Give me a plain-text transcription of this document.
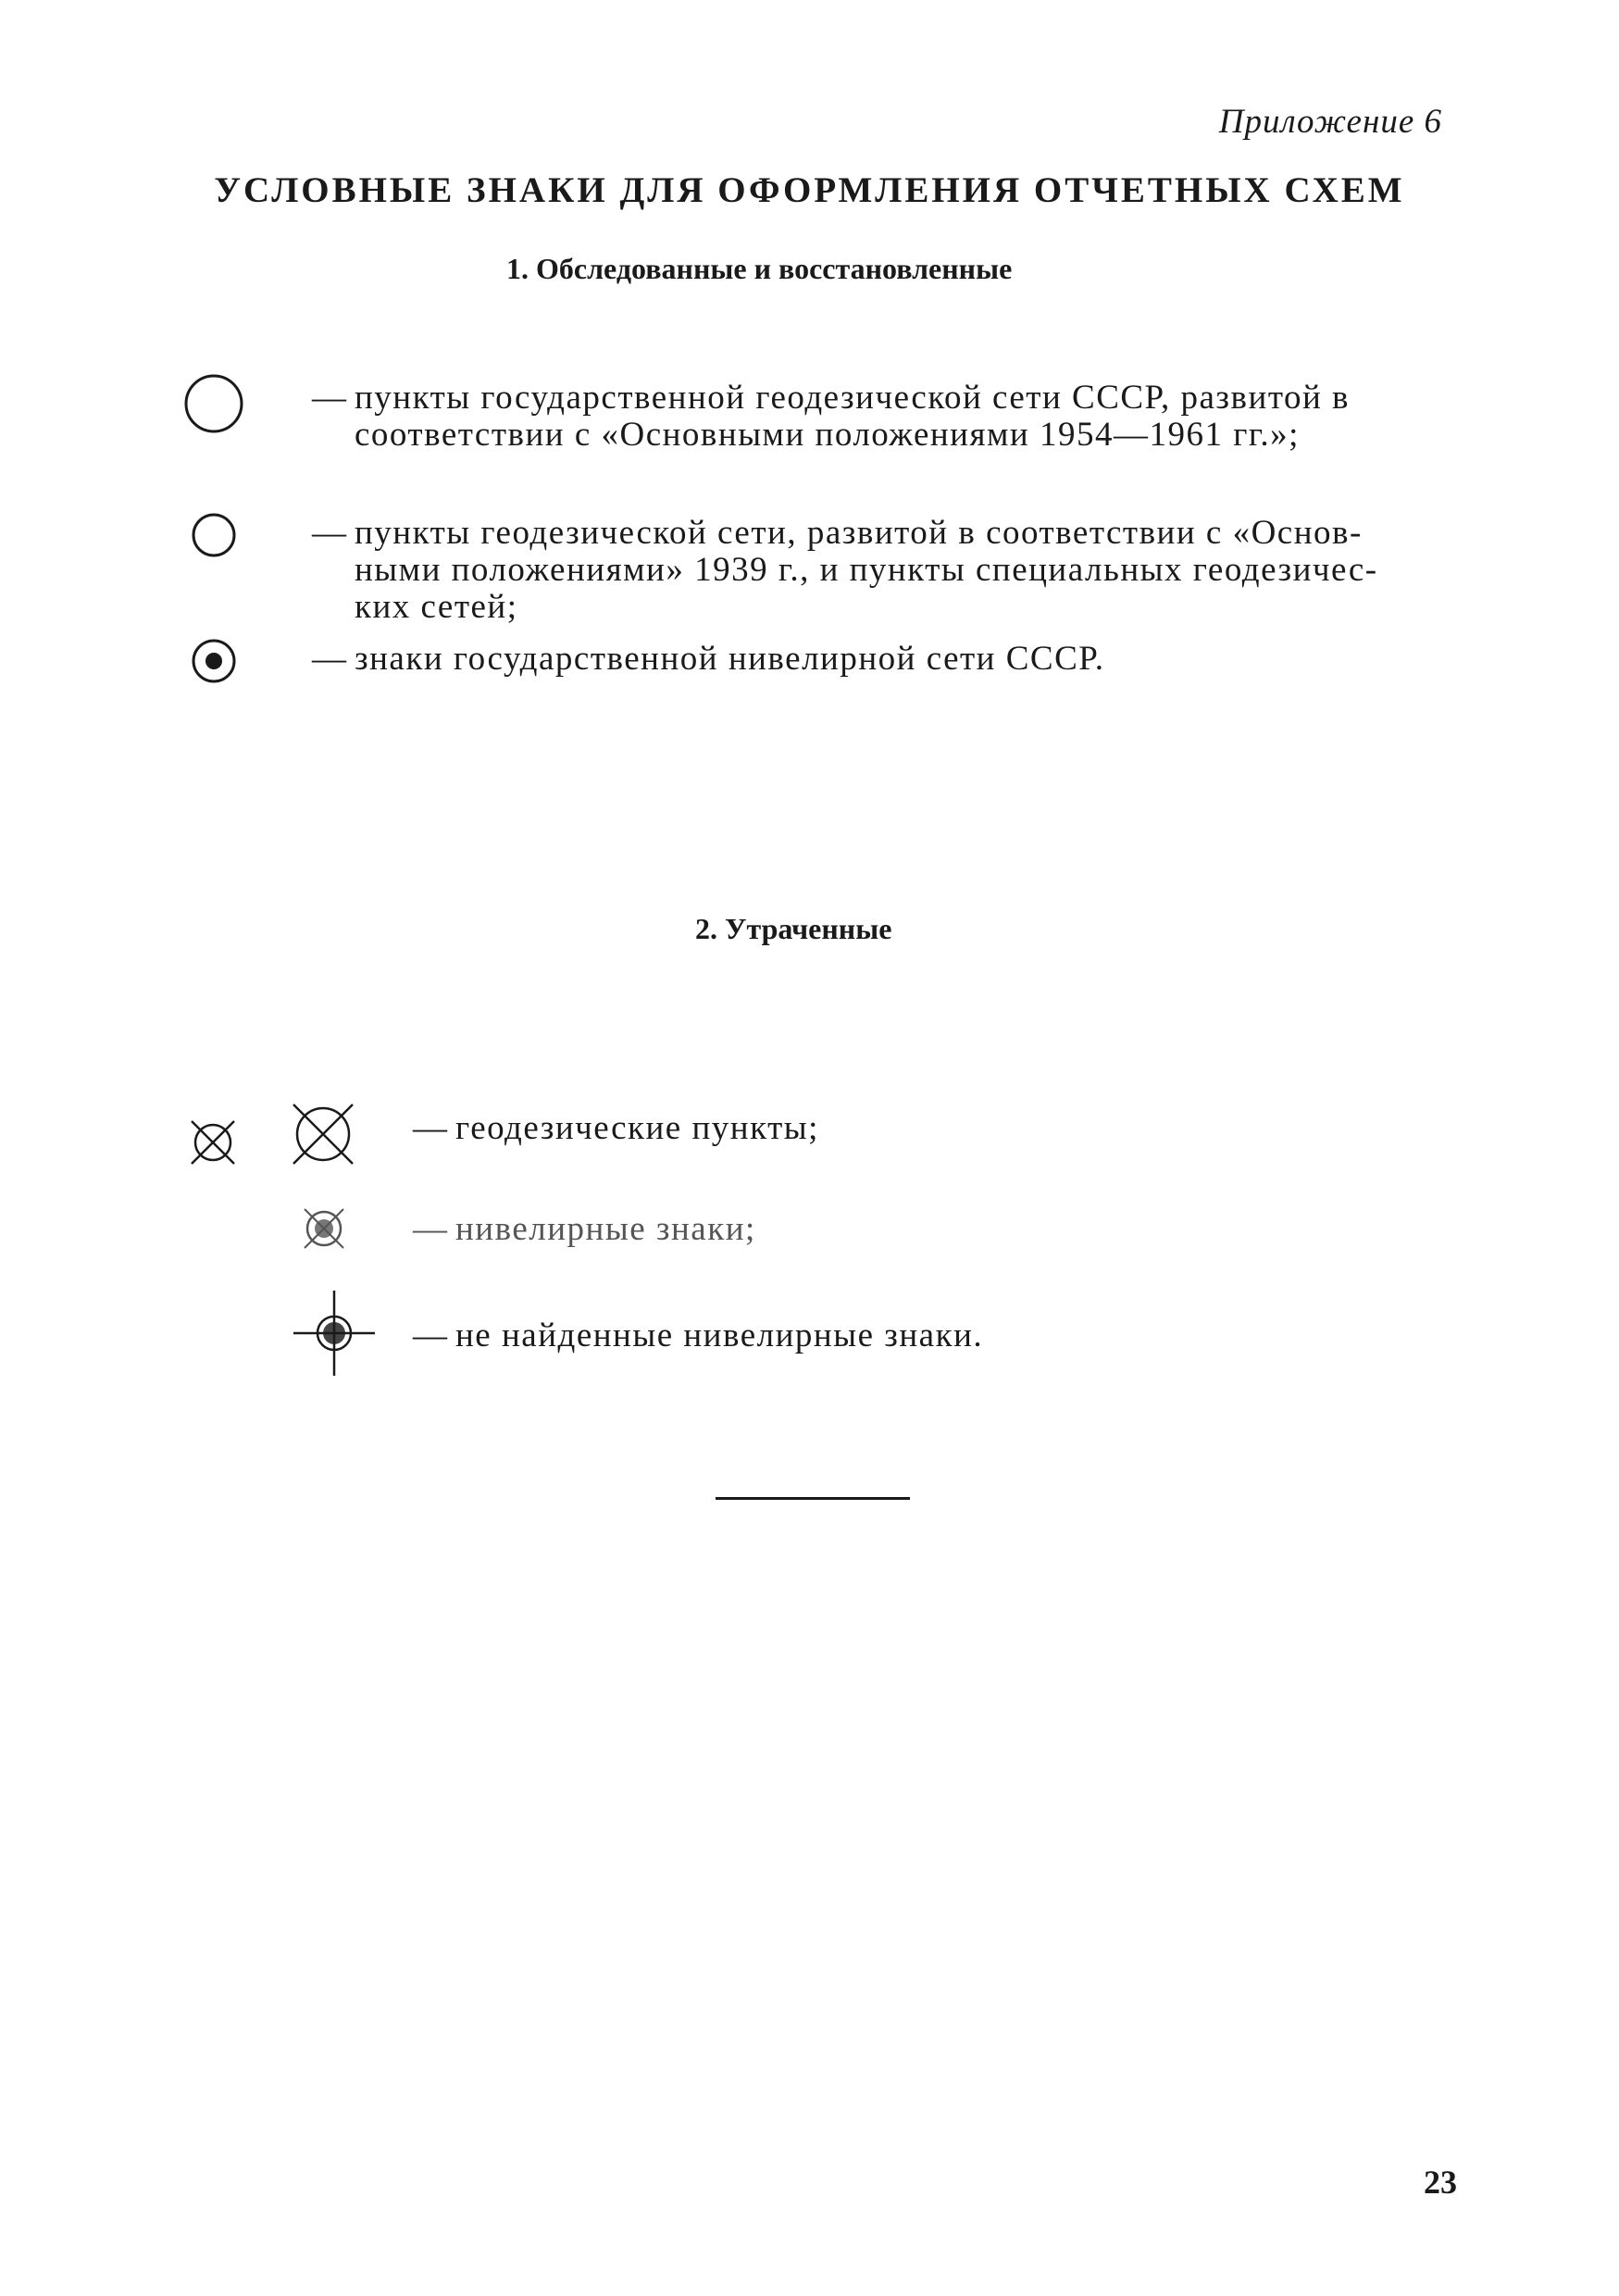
Приложение 6
УСЛОВНЫЕ ЗНАКИ ДЛЯ ОФОРМЛЕНИЯ ОТЧЕТНЫХ СХЕМ
1. Обследованные и восстановленные
— пункты государственной геодезической сети СССР, развитой в
соответствии с «Основными положениями 1954—1961 гг.»;
— пункты геодезической сети, развитой в соответствии с «Основ-
ными положениями» 1939 г., и пункты специальных геодезичес-
ких сетей;
— знаки государственной нивелирной сети СССР.
2. Утраченные
— геодезические пункты;
— нивелирные знаки;
— не найденные нивелирные знаки.
23
